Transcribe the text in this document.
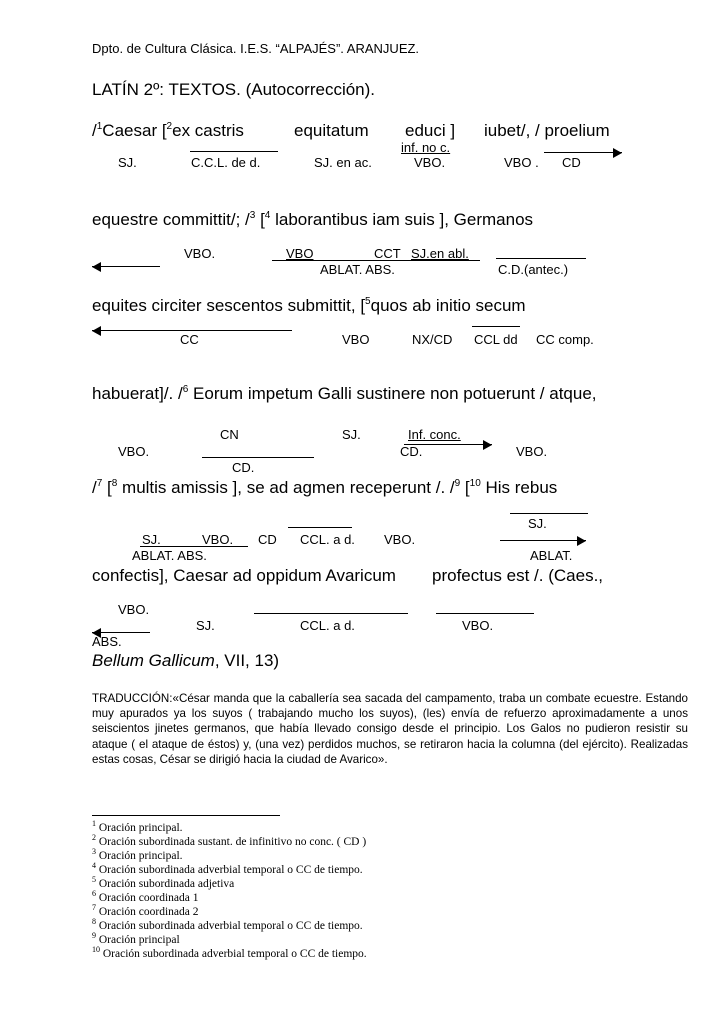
Dpto. de Cultura Clásica. I.E.S. “ALPAJÉS”. ARANJUEZ.
LATÍN 2º: TEXTOS. (Autocorrección).
/$^1$Caesar [$^2$ex castris	equitatum educi ] iubet/, / proelium
inf. no c.
SJ.	C.C.L. de d.	SJ. en ac.	VBO.	VBO . CD
equestre committit/; /$^3$ [$^4$ laborantibus iam suis ], Germanos
VBO.	VBO	CCT SJ.en abl.
ABLAT. ABS.	C.D.(antec.)
equites circiter sescentos submittit, [$^5$quos ab initio secum
CC	VBO	NX/CD CCL dd CC comp.
habuerat]/. /$^6$ Eorum impetum Galli sustinere non potuerunt / atque,
CN	SJ.	Inf. conc.
VBO.	CD.	VBO.
CD.
/$^7$ [$^8$ multis amissis ], se ad agmen receperunt /. /$^9$ [$^{10}$ His rebus
SJ.
SJ.	VBO. CD CCL. a d. VBO.
ABLAT. ABS.	ABLAT.
confectis], Caesar ad oppidum Avaricum profectus est /. (Caes.,
VBO.
SJ.	CCL. a d.	VBO.
ABS.
Bellum Gallicum, VII, 13)
TRADUCCIÓN:«César manda que la caballería sea sacada del campamento, traba un combate ecuestre. Estando muy apurados ya los suyos ( trabajando mucho los suyos), (les) envía de refuerzo aproximadamente a unos seiscientos jinetes germanos, que había llevado consigo desde el principio. Los Galos no pudieron resistir su ataque ( el ataque de éstos) y, (una vez) perdidos muchos, se retiraron hacia la columna (del ejército). Realizadas estas cosas, César se dirigió hacia la ciudad de Avarico».
$^1$ Oración principal.
$^2$ Oración subordinada sustant. de infinitivo no conc. ( CD )
$^3$ Oración principal.
$^4$ Oración subordinada adverbial temporal o CC de tiempo.
$^5$ Oración subordinada adjetiva
$^6$ Oración coordinada 1
$^7$ Oración coordinada 2
$^8$ Oración subordinada adverbial temporal o CC de tiempo.
$^9$ Oración principal
$^{10}$ Oración subordinada adverbial temporal o CC de tiempo.
